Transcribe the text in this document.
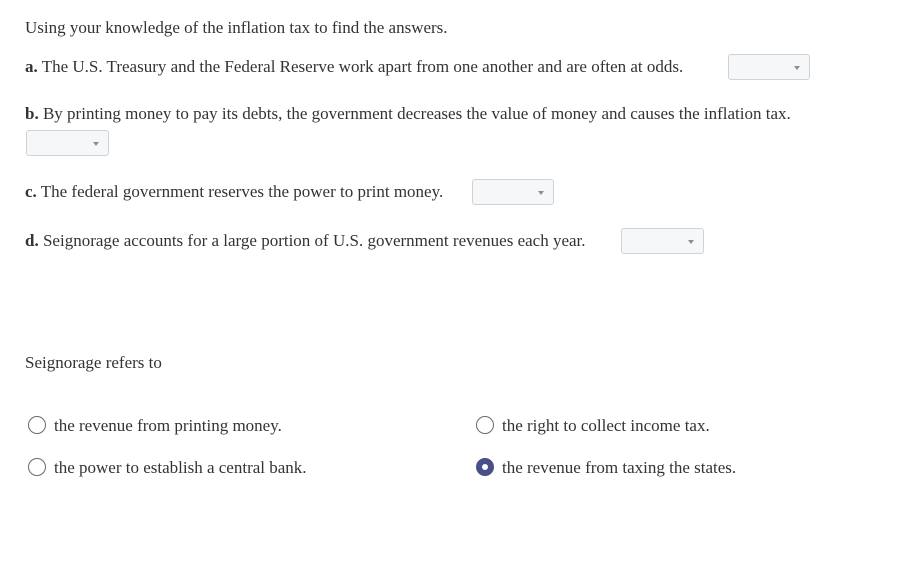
Using your knowledge of the inflation tax to find the answers.
a. The U.S. Treasury and the Federal Reserve work apart from one another and are often at odds.
b. By printing money to pay its debts, the government decreases the value of money and causes the inflation tax.
c. The federal government reserves the power to print money.
d. Seignorage accounts for a large portion of U.S. government revenues each year.
Seignorage refers to
the revenue from printing money.	the right to collect income tax.
the power to establish a central bank.	the revenue from taxing the states.
